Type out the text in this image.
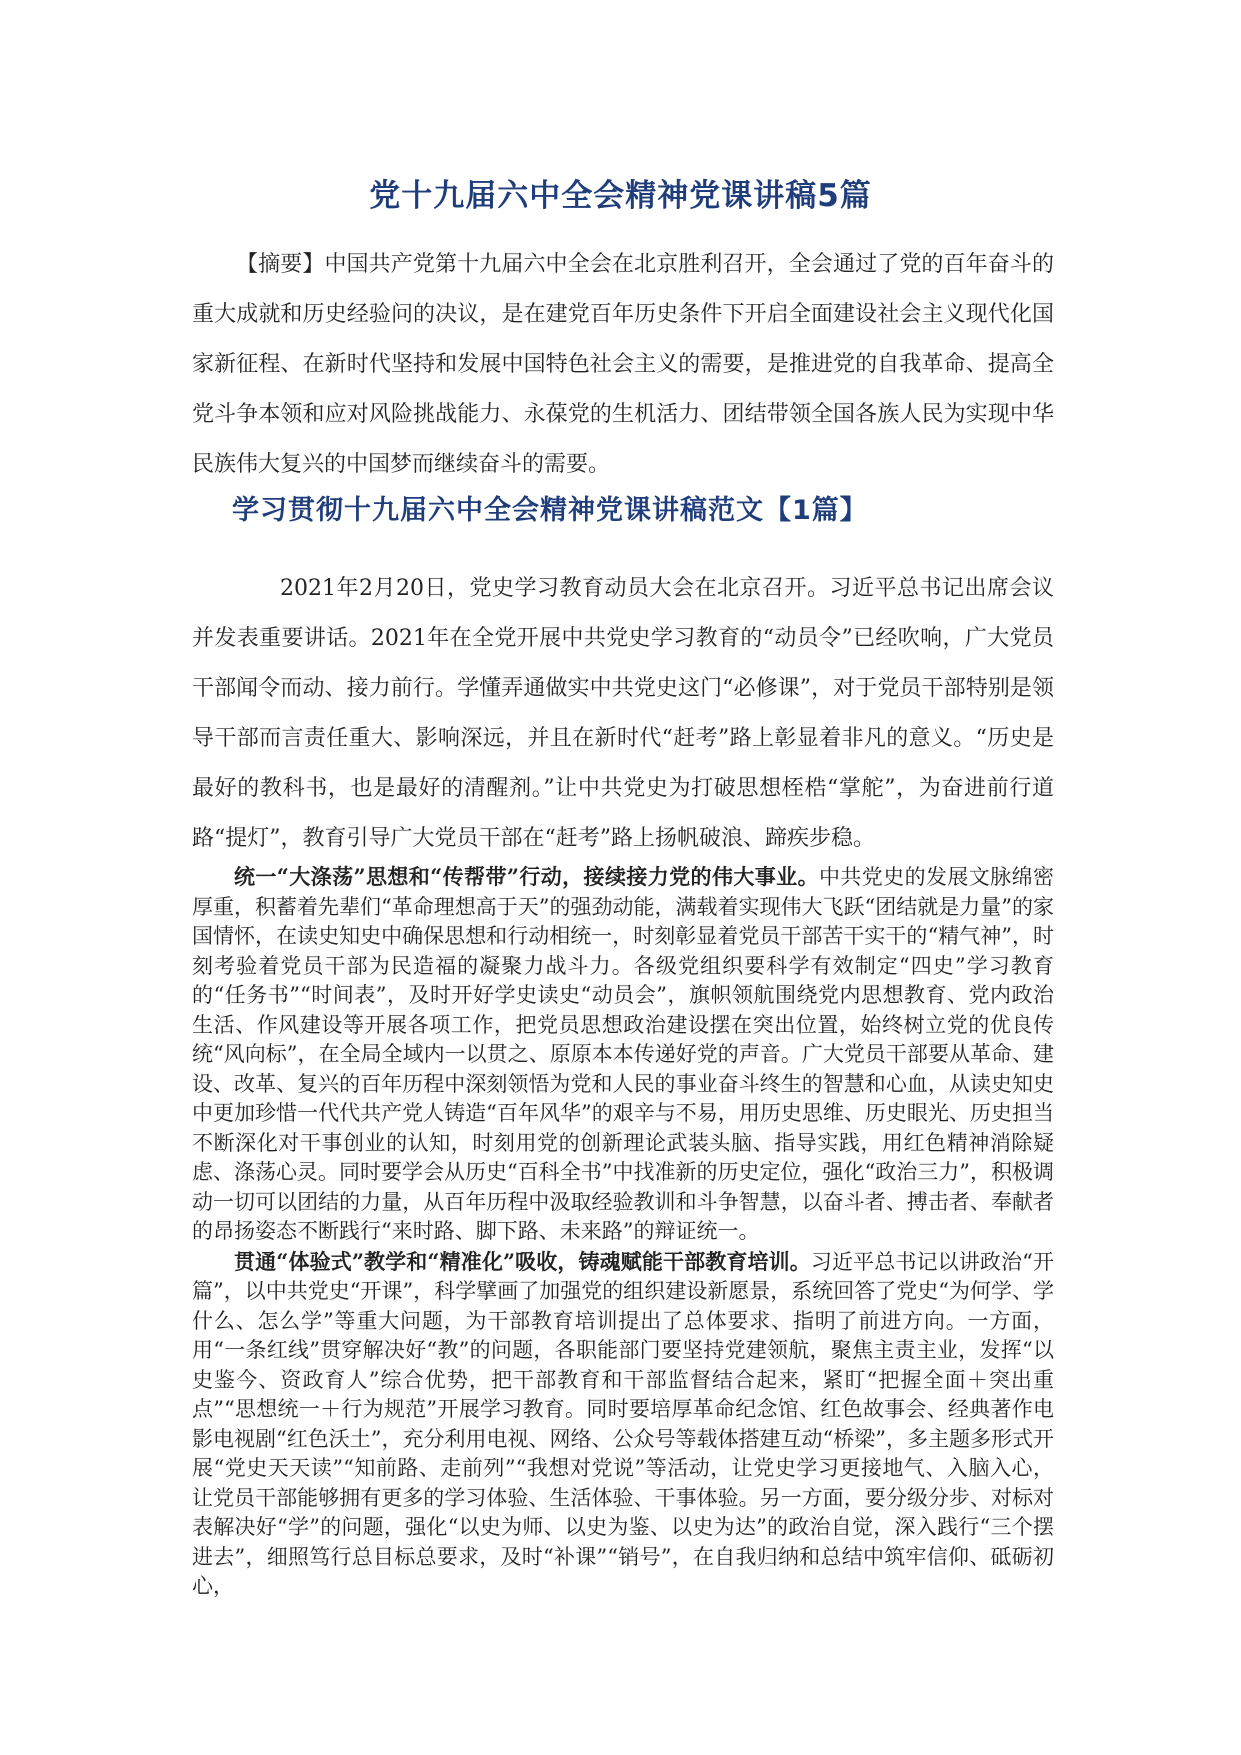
党十九届六中全会精神党课讲稿5篇

【摘要】中国共产党第十九届六中全会在北京胜利召开，全会通过了党的百年奋斗的重大成就和历史经验问的决议，是在建党百年历史条件下开启全面建设社会主义现代化国家新征程、在新时代坚持和发展中国特色社会主义的需要，是推进党的自我革命、提高全党斗争本领和应对风险挑战能力、永葆党的生机活力、团结带领全国各族人民为实现中华民族伟大复兴的中国梦而继续奋斗的需要。

学习贯彻十九届六中全会精神党课讲稿范文【1篇】

2021年2月20日，党史学习教育动员大会在北京召开。习近平总书记出席会议并发表重要讲话。2021年在全党开展中共党史学习教育的“动员令”已经吹响，广大党员干部闻令而动、接力前行。学懂弄通做实中共党史这门“必修课”，对于党员干部特别是领导干部而言责任重大、影响深远，并且在新时代“赶考”路上彰显着非凡的意义。“历史是最好的教科书，也是最好的清醒剂。”让中共党史为打破思想桎梏“掌舵”，为奋进前行道路“提灯”，教育引导广大党员干部在“赶考”路上扬帆破浪、蹄疾步稳。

统一“大涤荡”思想和“传帮带”行动，接续接力党的伟大事业。中共党史的发展文脉绵密厚重，积蓄着先辈们“革命理想高于天”的强劲动能，满载着实现伟大飞跃“团结就是力量”的家国情怀，在读史知史中确保思想和行动相统一，时刻彰显着党员干部苦干实干的“精气神”，时刻考验着党员干部为民造福的凝聚力战斗力。各级党组织要科学有效制定“四史”学习教育的“任务书”“时间表”，及时开好学史读史“动员会”，旗帜领航围绕党内思想教育、党内政治生活、作风建设等开展各项工作，把党员思想政治建设摆在突出位置，始终树立党的优良传统“风向标”，在全局全域内一以贯之、原原本本传递好党的声音。广大党员干部要从革命、建设、改革、复兴的百年历程中深刻领悟为党和人民的事业奋斗终生的智慧和心血，从读史知史中更加珍惜一代代共产党人铸造“百年风华”的艰辛与不易，用历史思维、历史眼光、历史担当不断深化对干事创业的认知，时刻用党的创新理论武装头脑、指导实践，用红色精神消除疑虑、涤荡心灵。同时要学会从历史“百科全书”中找准新的历史定位，强化“政治三力”，积极调动一切可以团结的力量，从百年历程中汲取经验教训和斗争智慧，以奋斗者、搏击者、奉献者的昂扬姿态不断践行“来时路、脚下路、未来路”的辩证统一。

贯通“体验式”教学和“精准化”吸收，铸魂赋能干部教育培训。习近平总书记以讲政治“开篇”，以中共党史“开课”，科学擘画了加强党的组织建设新愿景，系统回答了党史“为何学、学什么、怎么学”等重大问题，为干部教育培训提出了总体要求、指明了前进方向。一方面，用“一条红线”贯穿解决好“教”的问题，各职能部门要坚持党建领航，聚焦主责主业，发挥“以史鉴今、资政育人”综合优势，把干部教育和干部监督结合起来，紧盯“把握全面＋突出重点”“思想统一＋行为规范”开展学习教育。同时要培厚革命纪念馆、红色故事会、经典著作电影电视剧“红色沃土”，充分利用电视、网络、公众号等载体搭建互动“桥梁”，多主题多形式开展“党史天天读”“知前路、走前列”“我想对党说”等活动，让党史学习更接地气、入脑入心，让党员干部能够拥有更多的学习体验、生活体验、干事体验。另一方面，要分级分步、对标对表解决好“学”的问题，强化“以史为师、以史为鉴、以史为达”的政治自觉，深入践行“三个摆进去”，细照笃行总目标总要求，及时“补课”“销号”，在自我归纳和总结中筑牢信仰、砥砺初心，
